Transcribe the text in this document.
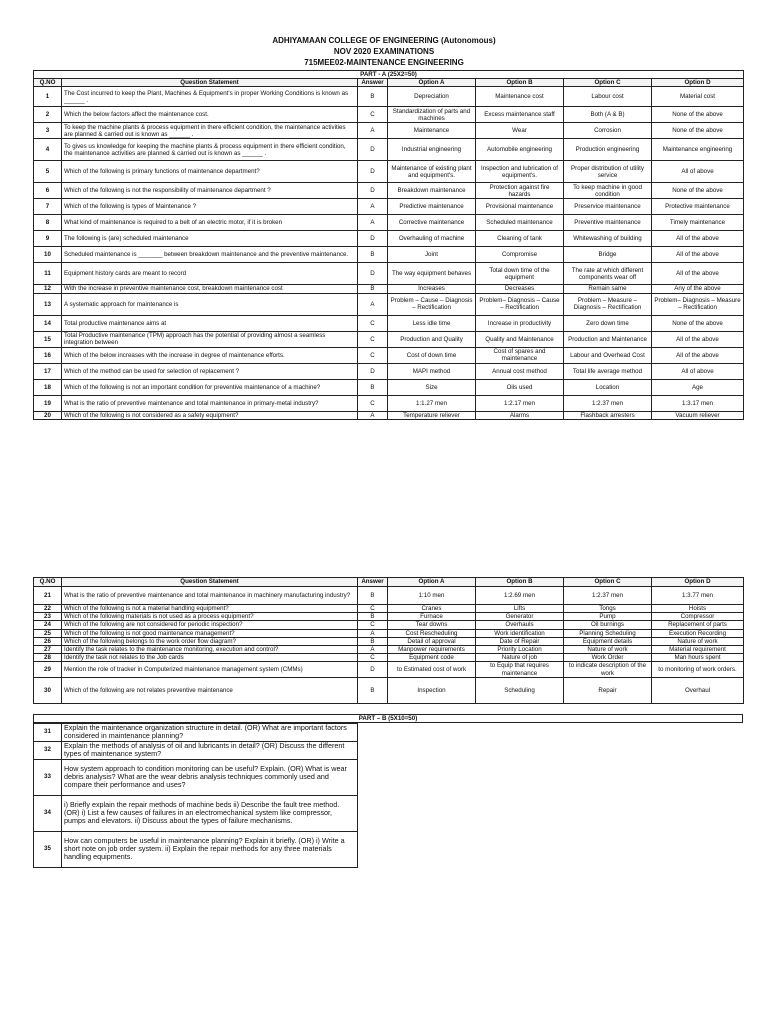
ADHIYAMAAN COLLEGE OF ENGINEERING (Autonomous)
NOV 2020 EXAMINATIONS
715MEE02-MAINTENANCE ENGINEERING
PART - A (25X2=50)						
Q.NO	Question Statement	Answer	Option A	Option B	Option C	Option D
1	The Cost incurred to keep the Plant, Machines & Equipment's in proper Working Conditions is known as ______ .	B	Depreciation	Maintenance cost	Labour cost	Material cost
2	Which the below factors affect the maintenance cost.	C	Standardization of parts and machines	Excess maintenance staff	Both (A & B)	None of the above
3	To keep the machine plants & process equipment in there efficient condition, the maintenance activities are planned & carried out is known as ______ .	A	Maintenance	Wear	Corrosion	None of the above
4	To gives us knowledge for keeping the machine plants & process equipment in there efficient condition, the maintenance activities are planned & carried out is known as ______ .	D	Industrial engineering	Automobile engineering	Production engineering	Maintenance engineering
5	Which of the following is primary functions of maintenance department?	D	Maintenance of existing plant and equipment's.	Inspection and lubrication of equipment's.	Proper distribution of utility service	All of above
6	Which of the following is not the responsibility of maintenance department ?	D	Breakdown maintenance	Protection against fire hazards	To keep machine in good condition	None of the above
7	Which of the following is types of Maintenance ?	A	Predictive maintenance	Provisional maintenance	Preservice maintenance	Protective maintenance
8	What kind of maintenance is required to a belt of an electric motor, if it is broken	A	Corrective maintenance	Scheduled maintenance	Preventive maintenance	Timely maintenance
9	The following is (are) scheduled maintenance	D	Overhauling of machine	Cleaning of tank	Whitewashing of building	All of the above
10	Scheduled maintenance is _______ between breakdown maintenance and the preventive maintenance.	B	Joint	Compromise	Bridge	All of the above
11	Equipment history cards are meant to record	D	The way equipment behaves	Total down time of the equipment	The rate at which different components wear off	All of the above
12	With the increase in preventive maintenance cost, breakdown maintenance cost	B	Increases	Decreases	Remain same	Any of the above
13	A systematic approach for maintenance is	A	Problem – Cause – Diagnosis – Rectification	Problem– Diagnosis – Cause – Rectification	Problem – Measure – Diagnosis – Rectification	Problem– Diagnosis – Measure – Rectification
14	Total productive maintenance aims at	C	Less idle time	Increase in productivity	Zero down time	None of the above
15	Total Productive maintenance (TPM) approach has the potential of providing almost a seamless integration between	C	Production and Quality	Quality and Maintenance	Production and Maintenance	All of the above
16	Which of the below increases with the increase in degree of maintenance efforts.	C	Cost of down time	Cost of spares and maintenance	Labour and Overhead Cost	All of the above
17	Which of the method can be used for selection of replacement ?	D	MAPI method	Annual cost method	Total life average method	All of above
18	Which of the following is not an important condition for preventive maintenance of a machine?	B	Size	Oils used	Location	Age
19	What is the ratio of preventive maintenance and total maintenance in primary-metal industry?	C	1:1.27 men	1:2.17 men	1:2.37 men	1:3.17 men
20	Which of the following is not considered as a safety equipment?	A	Temperature reliever	Alarms	Flashback arresters	Vacuum reliever
Q.NO	Question Statement	Answer	Option A	Option B	Option C	Option D
21	What is the ratio of preventive maintenance and total maintenance in machinery manufacturing industry?	B	1:10 men	1:2.69 men	1:2.37 men	1:3.77 men
22	Which of the following is not a material handling equipment?	C	Cranes	Lifts	Tongs	Hoists
23	Which of the following materials is not used as a process equipment?	B	Furnace	Generator	Pump	Compressor
24	Which of the following are not considered for periodic inspection?	C	Tear downs	Overhauls	Oil burnings	Replacement of parts
25	Which of the following is not good maintenance management?	A	Cost Rescheduling	Work identification	Planning Scheduling	Execution Recording
26	Which of the following belongs to the work order flow diagram?	B	Detail of approval	Date of Repair	Equipment details	Nature of work
27	Identify the task relates to the maintenance monitoring, execution and control?	A	Manpower requirements	Priority Location	Nature of work	Material requirement
28	Identify the task not relates to the Job cards	C	Equipment code	Nature of job	Work Order	Man hours spent
29	Mention the role of tracker in Computerized maintenance management system (CMMs)	D	to Estimated cost of work	to Equip that requires maintenance	to indicate description of the work	to monitoring of work orders.
30	Which of the following are not relates preventive maintenance	B	Inspection	Scheduling	Repair	Overhaul

31	Explain the maintenance organization structure in detail. (OR) What are important factors considered in maintenance planning?
32	Explain the methods of analysis of oil and lubricants in detail? (OR) Discuss the different types of maintenance system?
33	How system approach to condition monitoring can be useful? Explain. (OR) What is wear debris analysis? What are the wear debris analysis techniques commonly used and compare their performance and uses?
34	i) Briefly explain the repair methods of machine beds ii) Describe the fault tree method. (OR) i) List a few causes of failures in an electromechanical system like compressor, pumps and elevators. ii) Discuss about the types of failure mechanisms.
35	How can computers be useful in maintenance planning? Explain it briefly. (OR) i) Write a short note on job order system. ii) Explain the repair methods for any three materials handling equipments.
PART – B (5X10=50)
